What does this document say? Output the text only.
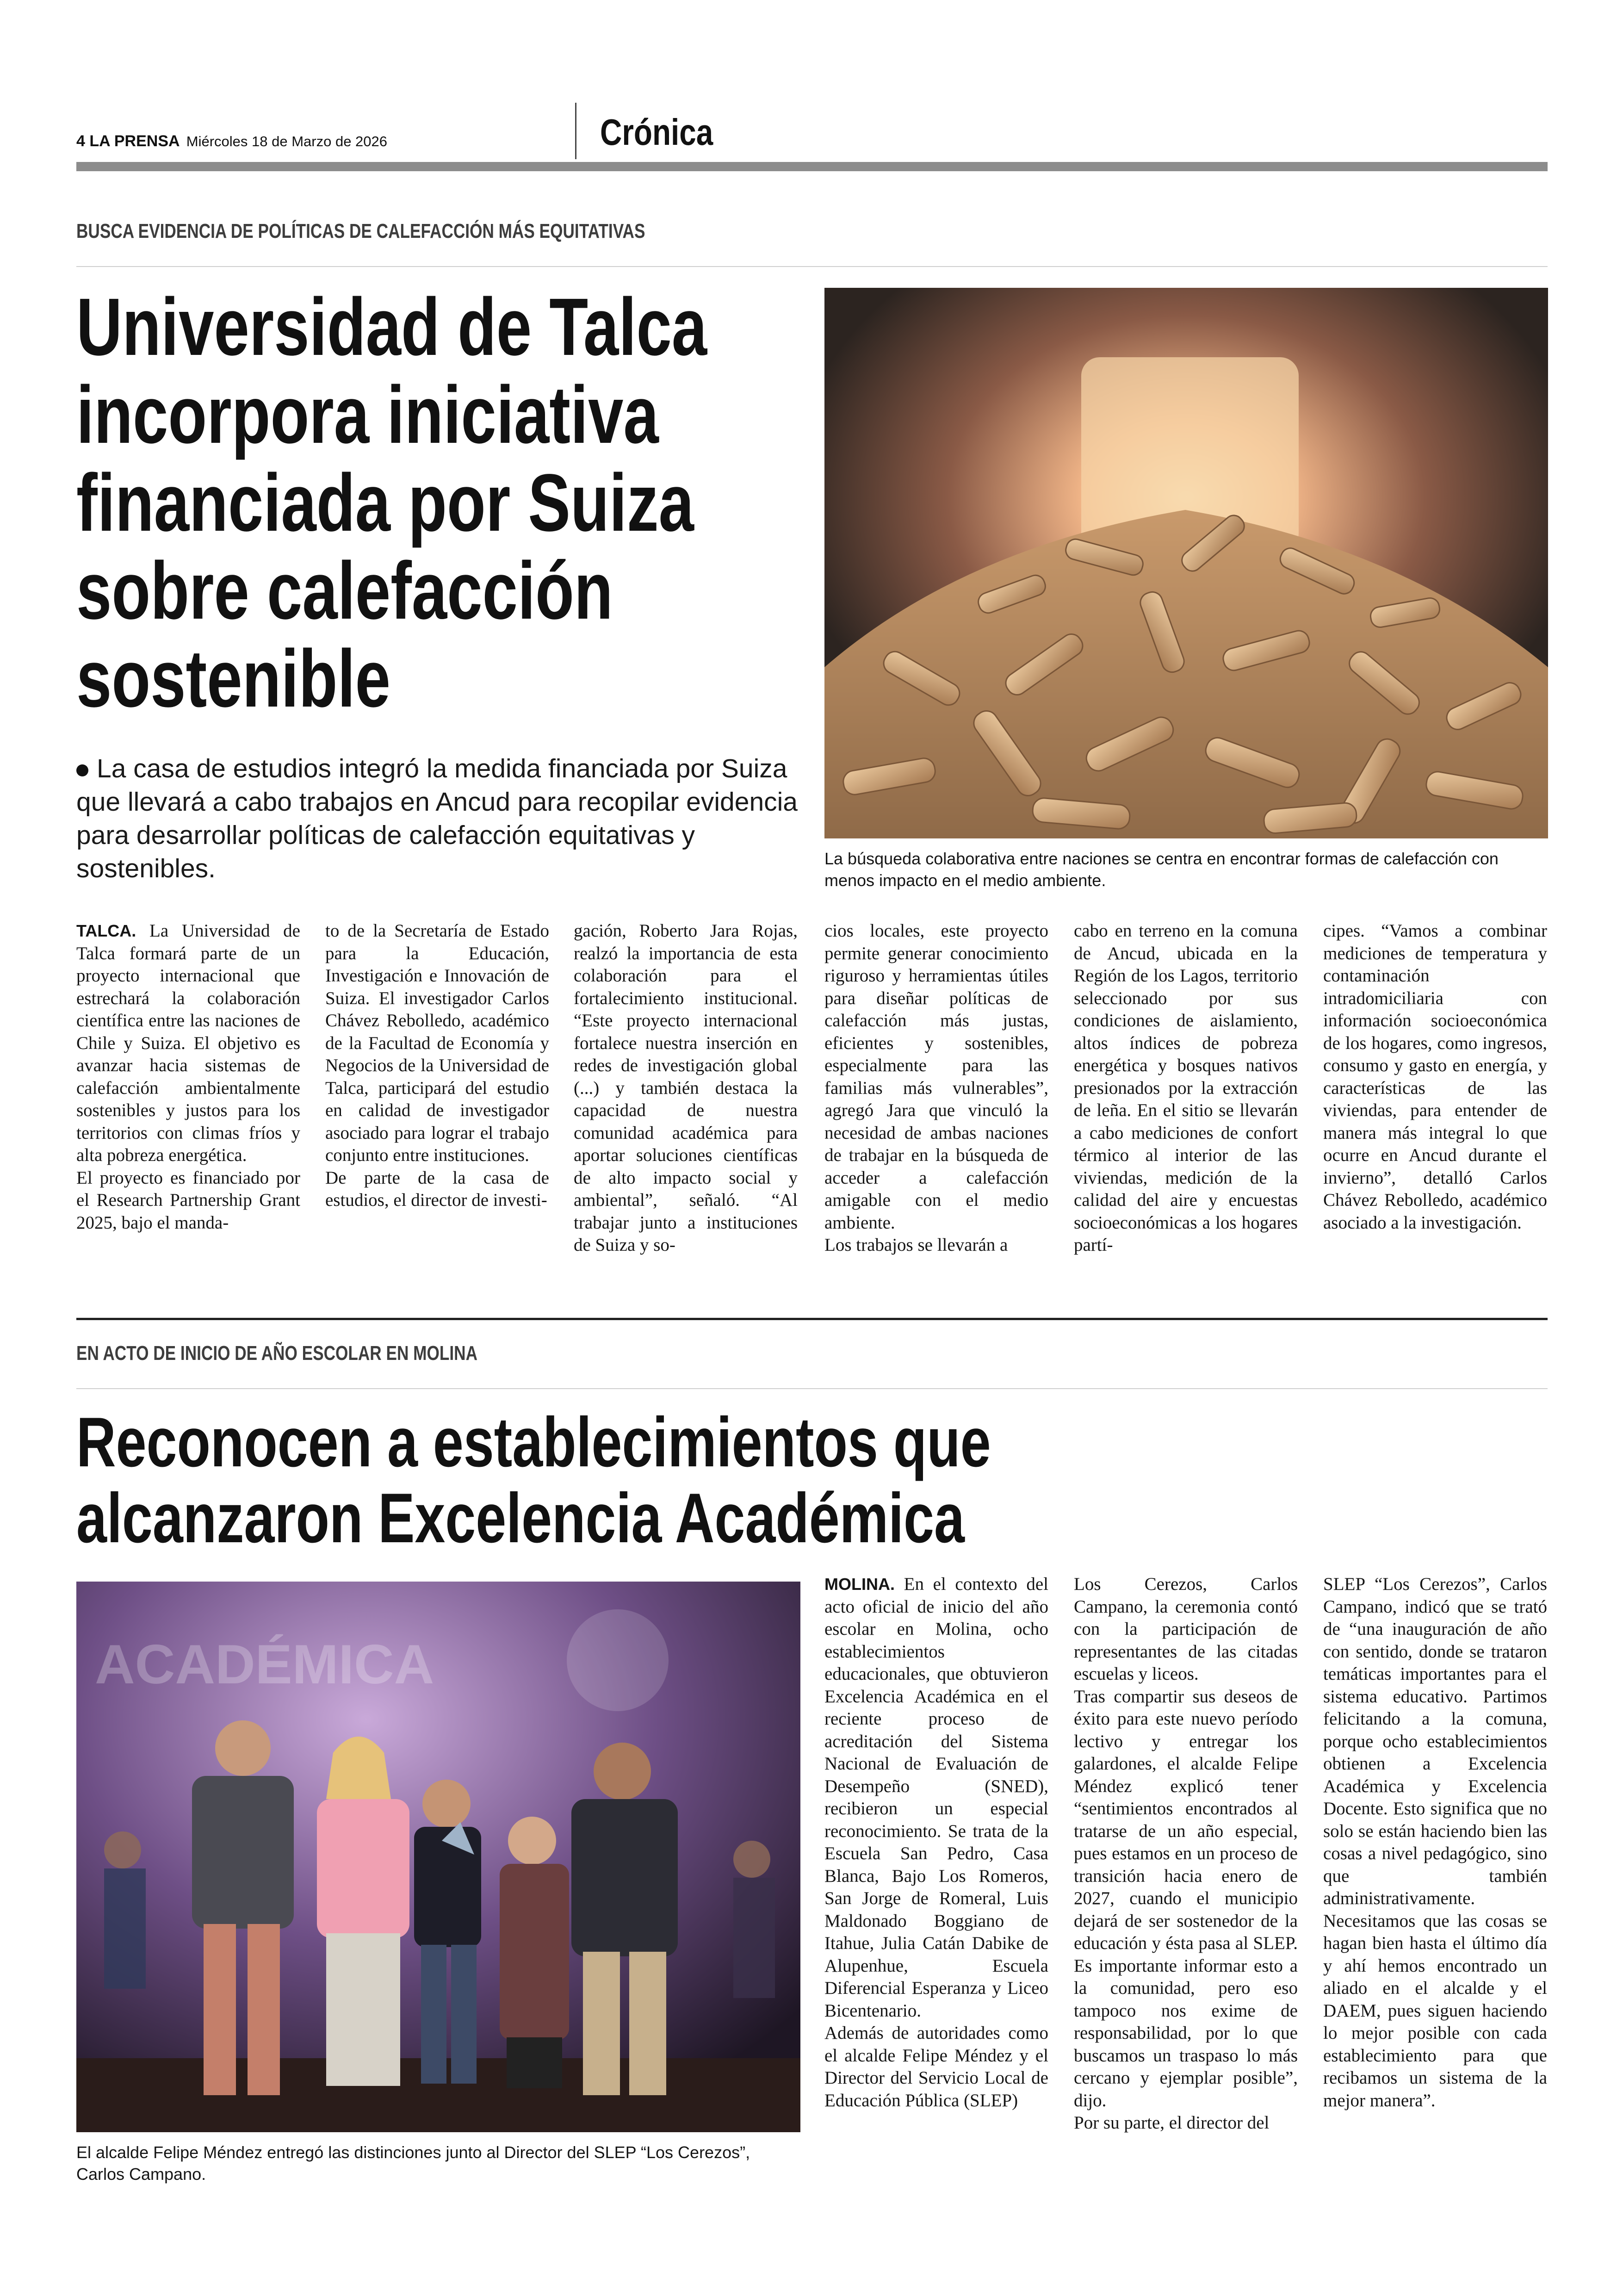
4 LA PRENSA Miércoles 18 de Marzo de 2026	Crónica
BUSCA EVIDENCIA DE POLÍTICAS DE CALEFACCIÓN MÁS EQUITATIVAS
Universidad de Talca
incorpora iniciativa
financiada por Suiza
sobre calefacción
sostenible
La casa de estudios integró la medida financiada por Suiza que llevará a cabo trabajos en Ancud para recopilar evidencia para desarrollar políticas de calefacción equitativas y sostenibles.	La búsqueda colaborativa entre naciones se centra en encontrar formas de calefacción con menos impacto en el medio ambiente.

TALCA. La Universidad de Talca formará parte de un proyecto internacional que estrechará la colaboración científica entre las naciones de Chile y Suiza. El objetivo es avanzar hacia sistemas de calefacción ambientalmente sostenibles y justos para los territorios con climas fríos y alta pobreza energética.

El proyecto es financiado por el Research Partnership Grant 2025, bajo el manda-

to de la Secretaría de Estado para la Educación, Investigación e Innovación de Suiza. El investigador Carlos Chávez Rebolledo, académico de la Facultad de Economía y Negocios de la Universidad de Talca, participará del estudio en calidad de investigador asociado para lograr el trabajo conjunto entre instituciones.

De parte de la casa de estudios, el director de investi-

gación, Roberto Jara Rojas, realzó la importancia de esta colaboración para el fortalecimiento institucional. “Este proyecto internacional fortalece nuestra inserción en redes de investigación global (...) y también destaca la capacidad de nuestra comunidad académica para aportar soluciones científicas de alto impacto social y ambiental”, señaló. “Al trabajar junto a instituciones de Suiza y so-

cios locales, este proyecto permite generar conocimiento riguroso y herramientas útiles para diseñar políticas de calefacción más justas, eficientes y sostenibles, especialmente para las familias más vulnerables”, agregó Jara que vinculó la necesidad de ambas naciones de trabajar en la búsqueda de acceder a calefacción amigable con el medio ambiente.

Los trabajos se llevarán a

cabo en terreno en la comuna de Ancud, ubicada en la Región de los Lagos, territorio seleccionado por sus condiciones de aislamiento, altos índices de pobreza energética y bosques nativos presionados por la extracción de leña. En el sitio se llevarán a cabo mediciones de confort térmico al interior de las viviendas, medición de la calidad del aire y encuestas socioeconómicas a los hogares partí-

cipes. “Vamos a combinar mediciones de temperatura y contaminación intradomiciliaria con información socioeconómica de los hogares, como ingresos, consumo y gasto en energía, y características de las viviendas, para entender de manera más integral lo que ocurre en Ancud durante el invierno”, detalló Carlos Chávez Rebolledo, académico asociado a la investigación.

EN ACTO DE INICIO DE AÑO ESCOLAR EN MOLINA
Reconocen a establecimientos que
alcanzaron Excelencia Académica
ACADÉMICA
El alcalde Felipe Méndez entregó las distinciones junto al Director del SLEP “Los Cerezos”, Carlos Campano.

MOLINA. En el contexto del acto oficial de inicio del año escolar en Molina, ocho establecimientos educacionales, que obtuvieron Excelencia Académica en el reciente proceso de acreditación del Sistema Nacional de Evaluación de Desempeño (SNED), recibieron un especial reconocimiento. Se trata de la Escuela San Pedro, Casa Blanca, Bajo Los Romeros, San Jorge de Romeral, Luis Maldonado Boggiano de Itahue, Julia Catán Dabike de Alupenhue, Escuela Diferencial Esperanza y Liceo Bicentenario.

Además de autoridades como el alcalde Felipe Méndez y el Director del Servicio Local de Educación Pública (SLEP)

Los Cerezos, Carlos Campano, la ceremonia contó con la participación de representantes de las citadas escuelas y liceos.

Tras compartir sus deseos de éxito para este nuevo período lectivo y entregar los galardones, el alcalde Felipe Méndez explicó tener “sentimientos encontrados al tratarse de un año especial, pues estamos en un proceso de transición hacia enero de 2027, cuando el municipio dejará de ser sostenedor de la educación y ésta pasa al SLEP. Es importante informar esto a la comunidad, pero eso tampoco nos exime de responsabilidad, por lo que buscamos un traspaso lo más cercano y ejemplar posible”, dijo.

Por su parte, el director del

SLEP “Los Cerezos”, Carlos Campano, indicó que se trató de “una inauguración de año con sentido, donde se trataron temáticas importantes para el sistema educativo. Partimos felicitando a la comuna, porque ocho establecimientos obtienen a Excelencia Académica y Excelencia Docente. Esto significa que no solo se están haciendo bien las cosas a nivel pedagógico, sino que también administrativamente. Necesitamos que las cosas se hagan bien hasta el último día y ahí hemos encontrado un aliado en el alcalde y el DAEM, pues siguen haciendo lo mejor posible con cada establecimiento para que recibamos un sistema de la mejor manera”.
